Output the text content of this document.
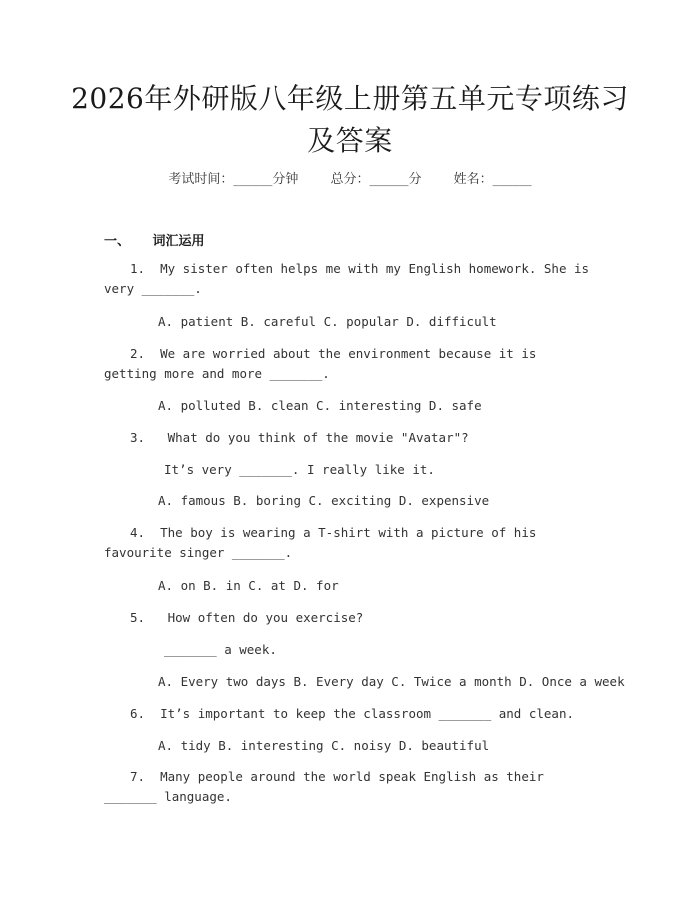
2026年外研版八年级上册第五单元专项练习及答案
考试时间：______分钟 总分：______分 姓名：______
一、 词汇运用
1.  My sister often helps me with my English homework. She is very _______.
A. patient B. careful C. popular D. difficult
2.  We are worried about the environment because it is getting more and more _______.
A. polluted B. clean C. interesting D. safe
3.   What do you think of the movie "Avatar"?
It’s very _______. I really like it.
A. famous B. boring C. exciting D. expensive
4.  The boy is wearing a T-shirt with a picture of his favourite singer _______.
A. on B. in C. at D. for
5.   How often do you exercise?
_______ a week.
A. Every two days B. Every day C. Twice a month D. Once a week
6.  It’s important to keep the classroom _______ and clean.
A. tidy B. interesting C. noisy D. beautiful
7.  Many people around the world speak English as their _______ language.
